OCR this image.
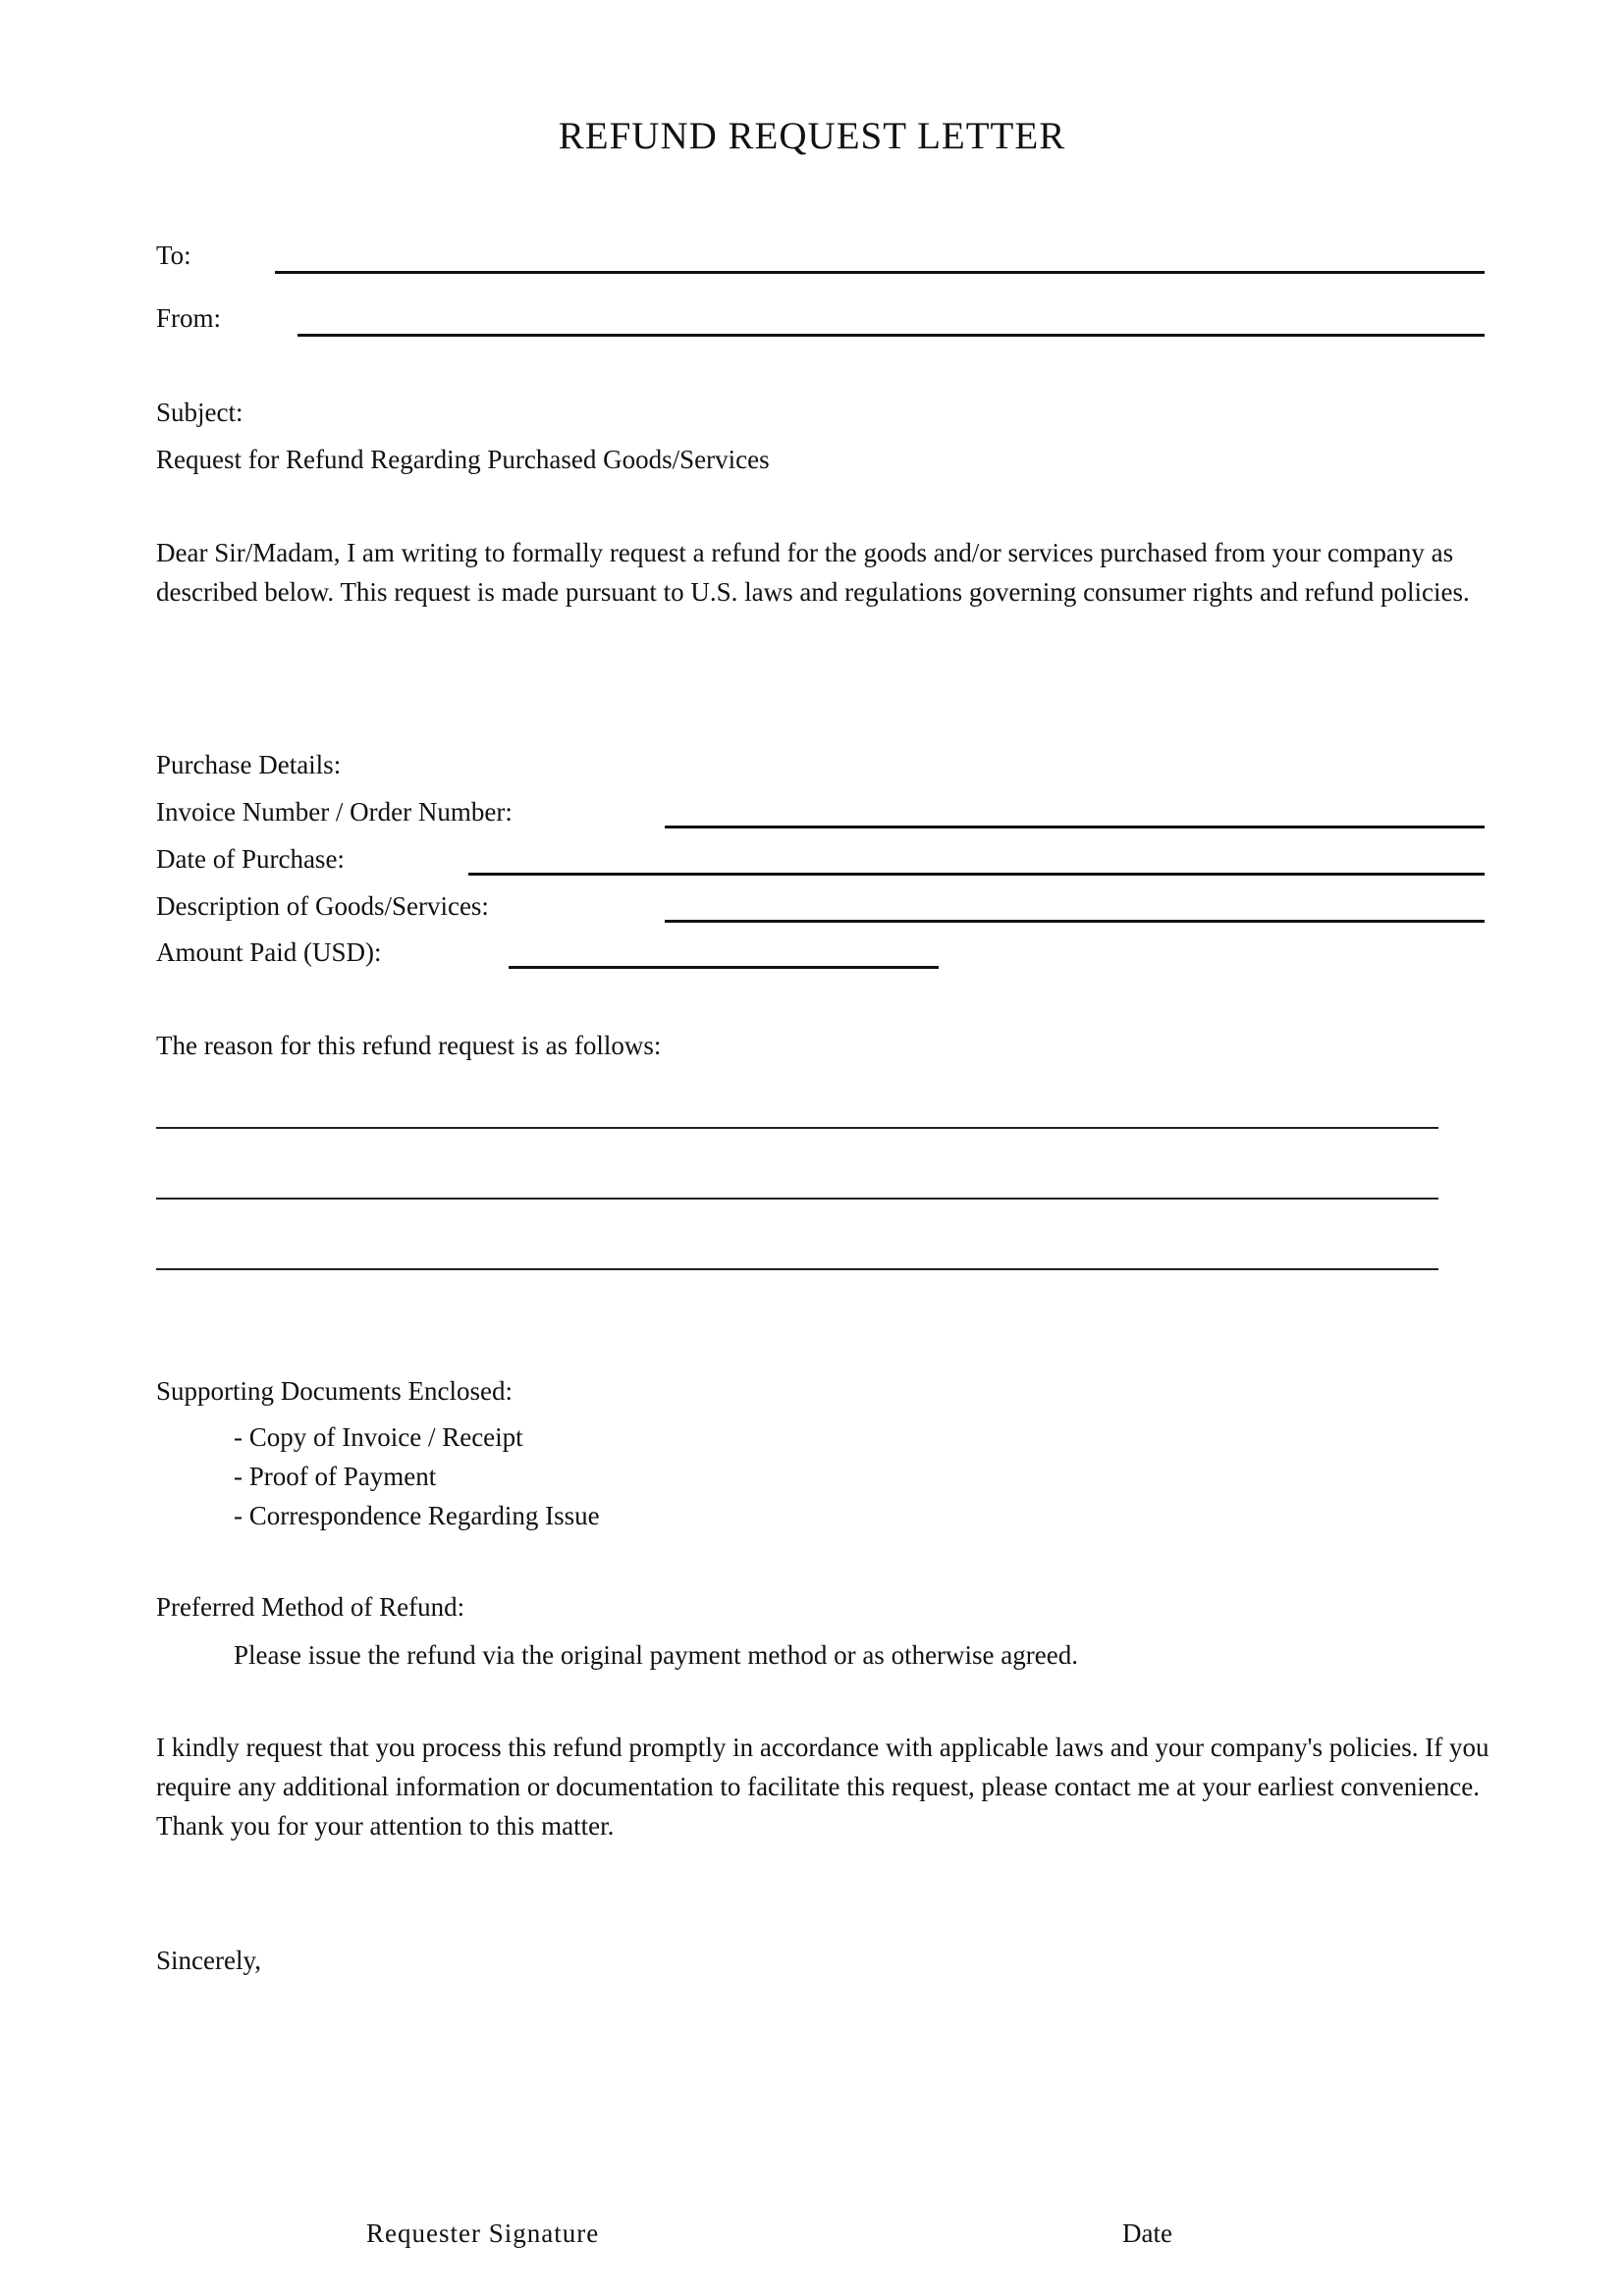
REFUND REQUEST LETTER
To:
From:
Subject:
Request for Refund Regarding Purchased Goods/Services
Dear Sir/Madam, I am writing to formally request a refund for the goods and/or services purchased from your company as described below. This request is made pursuant to U.S. laws and regulations governing consumer rights and refund policies.
Purchase Details:
Invoice Number / Order Number:
Date of Purchase:
Description of Goods/Services:
Amount Paid (USD):
The reason for this refund request is as follows:
Supporting Documents Enclosed:
- Copy of Invoice / Receipt
- Proof of Payment
- Correspondence Regarding Issue
Preferred Method of Refund:
Please issue the refund via the original payment method or as otherwise agreed.
I kindly request that you process this refund promptly in accordance with applicable laws and your company's policies. If you require any additional information or documentation to facilitate this request, please contact me at your earliest convenience. Thank you for your attention to this matter.
Sincerely,
Requester Signature	Date
